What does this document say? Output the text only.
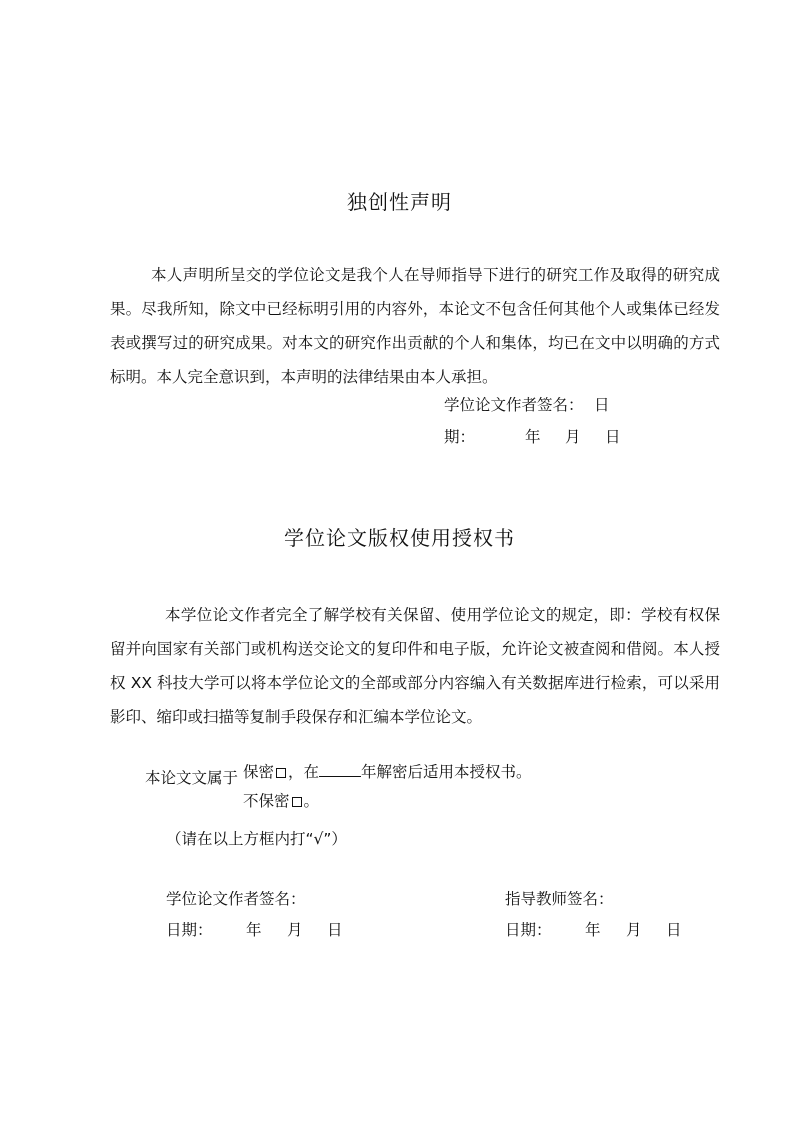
独创性声明
本人声明所呈交的学位论文是我个人在导师指导下进行的研究工作及取得的研究成果。尽我所知，除文中已经标明引用的内容外，本论文不包含任何其他个人或集体已经发表或撰写过的研究成果。对本文的研究作出贡献的个人和集体，均已在文中以明确的方式标明。本人完全意识到，本声明的法律结果由本人承担。
学位论文作者签名： 日
期：	年 月 日
学位论文版权使用授权书
本学位论文作者完全了解学校有关保留、使用学位论文的规定，即：学校有权保留并向国家有关部门或机构送交论文的复印件和电子版，允许论文被查阅和借阅。本人授权 XX 科技大学可以将本学位论文的全部或部分内容编入有关数据库进行检索，可以采用影印、缩印或扫描等复制手段保存和汇编本学位论文。
本论文文属于 保密 ，在	年解密后适用本授权书。
不保密 。
（请在以上方框内打“√”）
学位论文作者签名：	指导教师签名：
日期： 年 月 日	日期： 年 月 日
